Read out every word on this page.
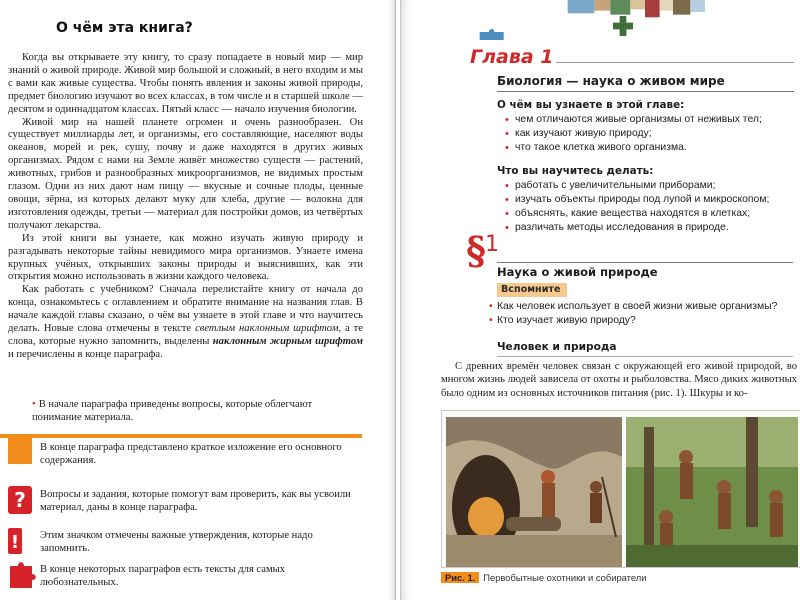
О чём эта книга?

Когда вы открываете эту книгу, то сразу попадаете в новый мир — мир знаний о живой природе. Живой мир большой и сложный, в него входим и мы с вами как живые существа. Чтобы понять явления и законы живой природы, предмет биологию изучают во всех классах, в том числе и в старшей школе — десятом и одиннадцатом классах. Пятый класс — начало изучения биологии.

Живой мир на нашей планете огромен и очень разнообразен. Он существует миллиарды лет, и организмы, его составляющие, населяют воды океанов, морей и рек, сушу, почву и даже находятся в других живых организмах. Рядом с нами на Земле живёт множество существ — растений, животных, грибов и разнообразных микроорганизмов, не видимых простым глазом. Одни из них дают нам пищу — вкусные и сочные плоды, ценные овощи, зёрна, из которых делают муку для хлеба, другие — волокна для изготовления одежды, третьи — материал для постройки домов, из четвёртых получают лекарства.

Из этой книги вы узнаете, как можно изучать живую природу и разгадывать некоторые тайны невидимого мира организмов. Узнаете имена крупных учёных, открывших законы природы и выяснивших, как эти открытия можно использовать в жизни каждого человека.

Как работать с учебником? Сначала перелистайте книгу от начала до конца, ознакомьтесь с оглавлением и обратите внимание на названия глав. В начале каждой главы сказано, о чём вы узнаете в этой главе и что научитесь делать. Новые слова отмечены в тексте светлым наклонным шрифтом, а те слова, которые нужно запомнить, выделены наклонным жирным шрифтом и перечислены в конце параграфа.

• В начале параграфа приведены вопросы, которые облегчают понимание материала.
В конце параграфа представлено краткое изложение его основного содержания.
? Вопросы и задания, которые помогут вам проверить, как вы усвоили материал, даны в конце параграфа.
! Этим значком отмечены важные утверждения, которые надо запомнить.
В конце некоторых параграфов есть тексты для самых любознательных.
Глава 1
Биология — наука о живом мире
О чём вы узнаете в этой главе:
• чем отличаются живые организмы от неживых тел;
• как изучают живую природу;
• что такое клетка живого организма.
Что вы научитесь делать:
• работать с увеличительными приборами;
• изучать объекты природы под лупой и микроскопом;
• объяснять, какие вещества находятся в клетках;
• различать методы исследования в природе.
§ 1
Наука о живой природе
Вспомните
• Как человек использует в своей жизни живые организмы?
• Кто изучает живую природу?
Человек и природа

С древних времён человек связан с окружающей его живой природой, во многом жизнь людей зависела от охоты и рыболовства. Мясо диких животных было одним из основных источников питания (рис. 1). Шкуры и ко-

Рис. 1. Первобытные охотники и собиратели
